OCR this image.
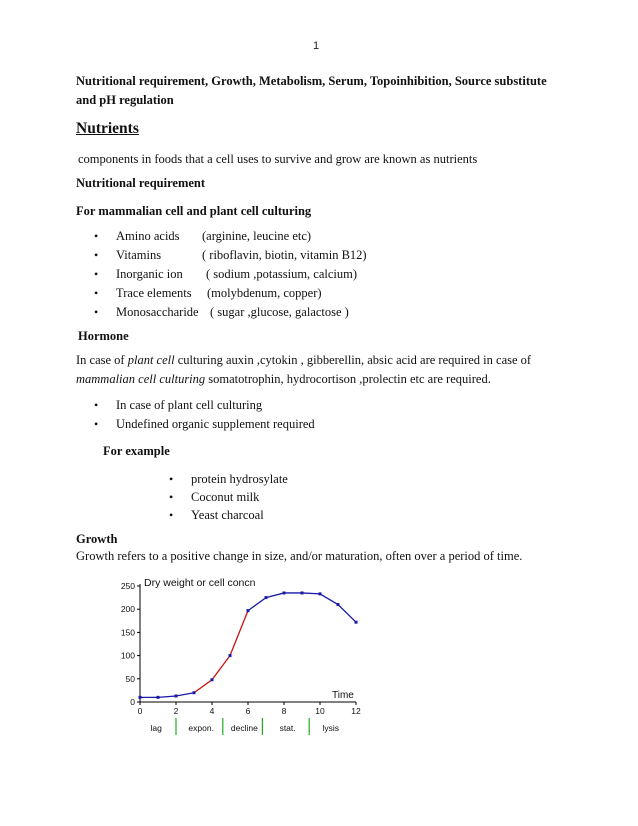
1
Nutritional requirement, Growth, Metabolism, Serum, Topoinhibition, Source substitute
and pH regulation
Nutrients
components in foods that a cell uses to survive and grow are known as nutrients
Nutritional requirement
For mammalian cell and plant cell culturing
•	Amino acids	(arginine, leucine etc)
•	Vitamins	( riboflavin, biotin, vitamin B12)
•	Inorganic ion	( sodium ,potassium, calcium)
•	Trace elements	(molybdenum, copper)
•	Monosaccharide ( sugar ,glucose, galactose )
Hormone
In case of plant cell culturing auxin ,cytokin , gibberellin, absic acid are required in case of
mammalian cell culturing somatotrophin, hydrocortison ,prolectin etc are required.
•	In case of plant cell culturing
•	Undefined organic supplement required
For example
•	protein hydrosylate
•	Coconut milk
•	Yeast charcoal
Growth
Growth refers to a positive change in size, and/or maturation, often over a period of time.
Dry weight or cell concn
Time
0
50
100
150
200
250
0	2	4	6	8	10	12
lag	expon. decline	stat.	lysis
